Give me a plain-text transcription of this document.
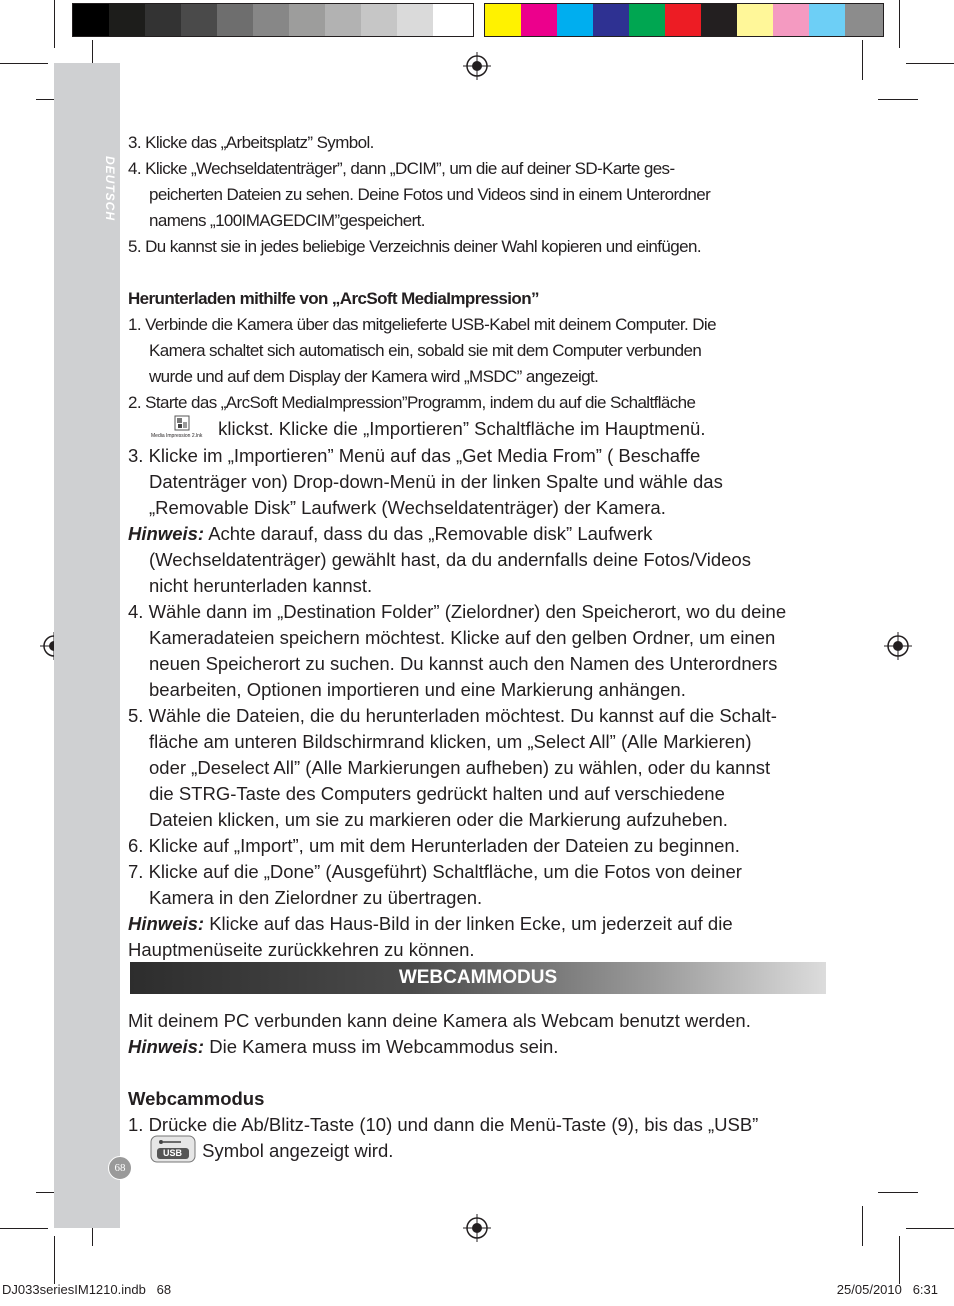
DEUTSCH
68
3. Klicke das „Arbeitsplatz” Symbol.
4. Klicke „Wechseldatenträger”, dann „DCIM”, um die auf deiner SD-Karte ges-
peicherten Dateien zu sehen. Deine Fotos und Videos sind in einem Unterordner
namens „100IMAGEDCIM”gespeichert.
5. Du kannst sie in jedes beliebige Verzeichnis deiner Wahl kopieren und einfügen.
Herunterladen mithilfe von „ArcSoft MediaImpression”
1. Verbinde die Kamera über das mitgelieferte USB-Kabel mit deinem Computer. Die
Kamera schaltet sich automatisch ein, sobald sie mit dem Computer verbunden
wurde und auf dem Display der Kamera wird „MSDC” angezeigt.
2. Starte das „ArcSoft MediaImpression”Programm, indem du auf die Schaltfläche
Media Impression 2.lnk klickst. Klicke die „Importieren” Schaltfläche im Hauptmenü.
3. Klicke im „Importieren” Menü auf das „Get Media From” ( Beschaffe
Datenträger von) Drop-down-Menü in der linken Spalte und wähle das
„Removable Disk” Laufwerk (Wechseldatenträger) der Kamera.
Hinweis: Achte darauf, dass du das „Removable disk” Laufwerk
(Wechseldatenträger) gewählt hast, da du andernfalls deine Fotos/Videos
nicht herunterladen kannst.
4. Wähle dann im „Destination Folder” (Zielordner) den Speicherort, wo du deine
Kameradateien speichern möchtest. Klicke auf den gelben Ordner, um einen
neuen Speicherort zu suchen. Du kannst auch den Namen des Unterordners
bearbeiten, Optionen importieren und eine Markierung anhängen.
5. Wähle die Dateien, die du herunterladen möchtest. Du kannst auf die Schalt-
fläche am unteren Bildschirmrand klicken, um „Select All” (Alle Markieren)
oder „Deselect All” (Alle Markierungen aufheben) zu wählen, oder du kannst
die STRG-Taste des Computers gedrückt halten und auf verschiedene
Dateien klicken, um sie zu markieren oder die Markierung aufzuheben.
6. Klicke auf „Import”, um mit dem Herunterladen der Dateien zu beginnen.
7. Klicke auf die „Done” (Ausgeführt) Schaltfläche, um die Fotos von deiner
Kamera in den Zielordner zu übertragen.
Hinweis: Klicke auf das Haus-Bild in der linken Ecke, um jederzeit auf die
Hauptmenüseite zurückkehren zu können.
WEBCAMMODUS
Mit deinem PC verbunden kann deine Kamera als Webcam benutzt werden.
Hinweis: Die Kamera muss im Webcammodus sein.
Webcammodus
1. Drücke die Ab/Blitz-Taste (10) und dann die Menü-Taste (9), bis das „USB”
USB Symbol angezeigt wird.
DJ033seriesIM1210.indb   68	25/05/2010   6:31
